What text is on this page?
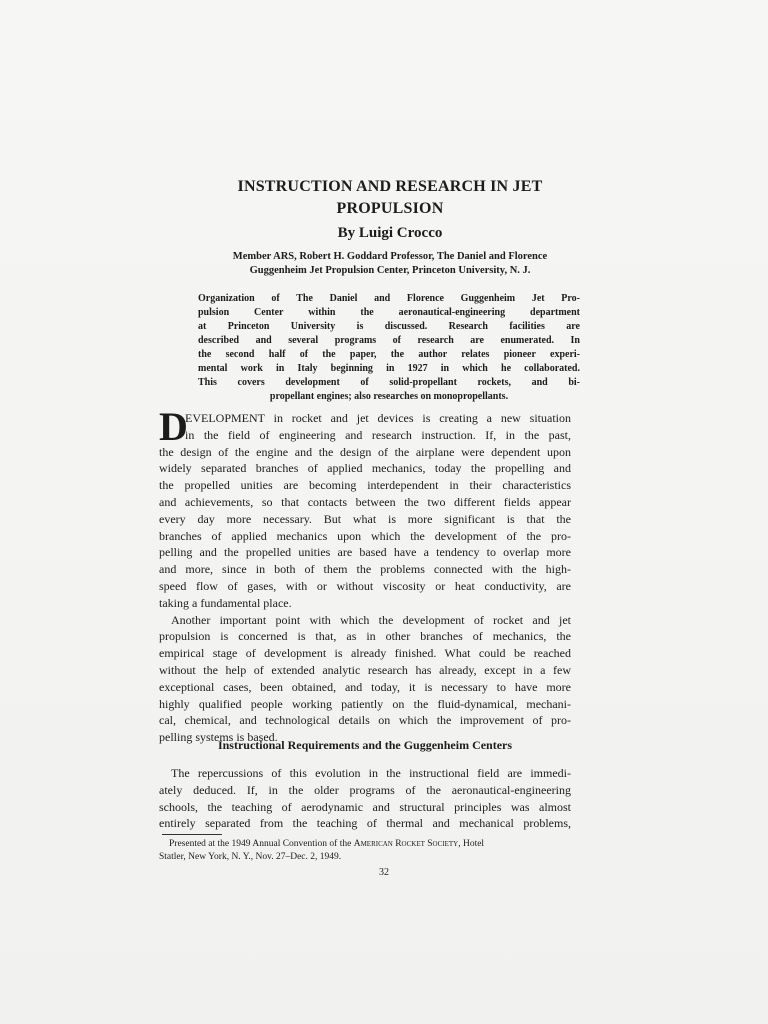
INSTRUCTION AND RESEARCH IN JET
PROPULSION
By Luigi Crocco
Member ARS, Robert H. Goddard Professor, The Daniel and Florence
Guggenheim Jet Propulsion Center, Princeton University, N. J.
Organization of The Daniel and Florence Guggenheim Jet Pro-
pulsion Center within the aeronautical-engineering department
at Princeton University is discussed. Research facilities are
described and several programs of research are enumerated. In
the second half of the paper, the author relates pioneer experi-
mental work in Italy beginning in 1927 in which he collaborated.
This covers development of solid-propellant rockets, and bi-
propellant engines; also researches on monopropellants.
D
EVELOPMENT in rocket and jet devices is creating a new situation
in the field of engineering and research instruction. If, in the past,
the design of the engine and the design of the airplane were dependent upon
widely separated branches of applied mechanics, today the propelling and
the propelled unities are becoming interdependent in their characteristics
and achievements, so that contacts between the two different fields appear
every day more necessary. But what is more significant is that the
branches of applied mechanics upon which the development of the pro-
pelling and the propelled unities are based have a tendency to overlap more
and more, since in both of them the problems connected with the high-
speed flow of gases, with or without viscosity or heat conductivity, are
taking a fundamental place.
Another important point with which the development of rocket and jet
propulsion is concerned is that, as in other branches of mechanics, the
empirical stage of development is already finished. What could be reached
without the help of extended analytic research has already, except in a few
exceptional cases, been obtained, and today, it is necessary to have more
highly qualified people working patiently on the fluid-dynamical, mechani-
cal, chemical, and technological details on which the improvement of pro-
pelling systems is based.
Instructional Requirements and the Guggenheim Centers
The repercussions of this evolution in the instructional field are immedi-
ately deduced. If, in the older programs of the aeronautical-engineering
schools, the teaching of aerodynamic and structural principles was almost
entirely separated from the teaching of thermal and mechanical problems,
Presented at the 1949 Annual Convention of the American Rocket Society, Hotel
Statler, New York, N. Y., Nov. 27–Dec. 2, 1949.
32
